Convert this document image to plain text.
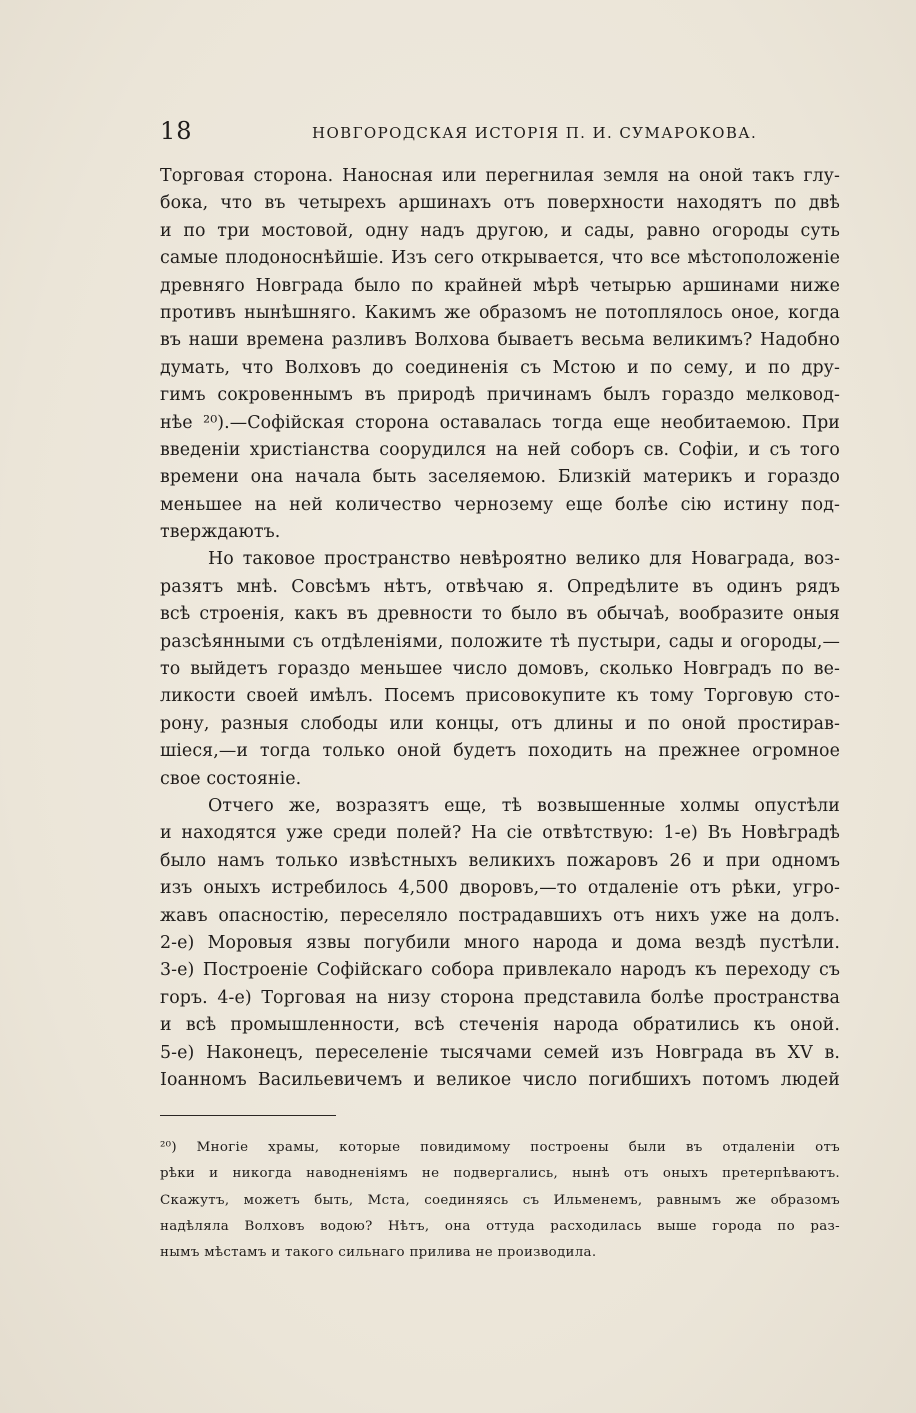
18	НОВГОРОДСКАЯ ИСТОРІЯ П. И. СУМАРОКОВА.
Торговая сторона. Наносная или перегнилая земля на оной такъ глу-
бока, что въ четырехъ аршинахъ отъ поверхности находятъ по двѣ
и по три мостовой, одну надъ другою, и сады, равно огороды суть
самые плодоноснѣйшіе. Изъ сего открывается, что все мѣстоположеніе
древняго Новграда было по крайней мѣрѣ четырью аршинами ниже
противъ нынѣшняго. Какимъ же образомъ не потоплялось оное, когда
въ наши времена разливъ Волхова бываетъ весьма великимъ? Надобно
думать, что Волховъ до соединенія съ Мстою и по сему, и по дру-
гимъ сокровеннымъ въ природѣ причинамъ былъ гораздо мелковод-
нѣе ²⁰).—Софійская сторона оставалась тогда еще необитаемою. При
введеніи христіанства соорудился на ней соборъ св. Софіи, и съ того
времени она начала быть заселяемою. Близкій материкъ и гораздо
меньшее на ней количество чернозему еще болѣе сію истину под-
тверждаютъ.
Но таковое пространство невѣроятно велико для Новаграда, воз-
разятъ мнѣ. Совсѣмъ нѣтъ, отвѣчаю я. Опредѣлите въ одинъ рядъ
всѣ строенія, какъ въ древности то было въ обычаѣ, вообразите оныя
разсѣянными съ отдѣленіями, положите тѣ пустыри, сады и огороды,—
то выйдетъ гораздо меньшее число домовъ, сколько Новградъ по ве-
ликости своей имѣлъ. Посемъ присовокупите къ тому Торговую сто-
рону, разныя слободы или концы, отъ длины и по оной простирав-
шіеся,—и тогда только оной будетъ походить на прежнее огромное
свое состояніе.
Отчего же, возразятъ еще, тѣ возвышенные холмы опустѣли
и находятся уже среди полей? На сіе отвѣтствую: 1-е) Въ Новѣградѣ
было намъ только извѣстныхъ великихъ пожаровъ 26 и при одномъ
изъ оныхъ истребилось 4,500 дворовъ,—то отдаленіе отъ рѣки, угро-
жавъ опасностію, переселяло пострадавшихъ отъ нихъ уже на долъ.
2-е) Моровыя язвы погубили много народа и дома вездѣ пустѣли.
3-е) Построеніе Софійскаго собора привлекало народъ къ переходу съ
горъ. 4-е) Торговая на низу сторона представила болѣе пространства
и всѣ промышленности, всѣ стеченія народа обратились къ оной.
5-е) Наконецъ, переселеніе тысячами семей изъ Новграда въ XV в.
Іоанномъ Васильевичемъ и великое число погибшихъ потомъ людей
²⁰) Многіе храмы, которые повидимому построены были въ отдаленіи отъ
рѣки и никогда наводненіямъ не подвергались, нынѣ отъ оныхъ претерпѣваютъ.
Скажутъ, можетъ быть, Мста, соединяясь съ Ильменемъ, равнымъ же образомъ
надѣляла Волховъ водою? Нѣтъ, она оттуда расходилась выше города по раз-
нымъ мѣстамъ и такого сильнаго прилива не производила.
